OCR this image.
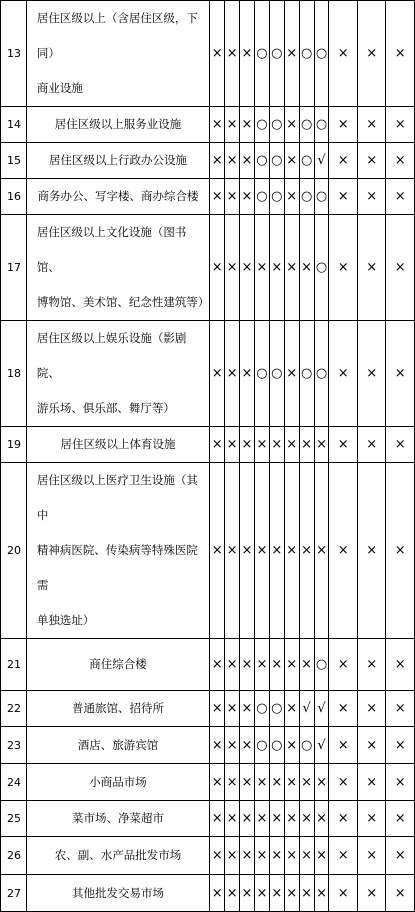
13	居住区级以上（含居住区级，下同）
商业设施	×	×	×	○	○	×	○	○	×	×	×
14	居住区级以上服务业设施	×	×	×	○	○	×	○	○	×	×	×
15	居住区级以上行政办公设施	×	×	×	○	○	×	○	√	×	×	×
16	商务办公、写字楼、商办综合楼	×	×	×	○	○	×	○	○	×	×	×
17	居住区级以上文化设施（图书馆、
博物馆、美术馆、纪念性建筑等）	×	×	×	×	×	×	×	○	×	×	×
18	居住区级以上娱乐设施（影剧院、
游乐场、俱乐部、舞厅等）	×	×	×	○	○	×	○	○	×	×	×
19	居住区级以上体育设施	×	×	×	×	×	×	×	×	×	×	×
20	居住区级以上医疗卫生设施（其中
精神病医院、传染病等特殊医院需
单独选址）	×	×	×	×	×	×	×	×	×	×	×
21	商住综合楼	×	×	×	×	×	×	×	○	×	×	×
22	普通旅馆、招待所	×	×	×	○	○	×	√	√	×	×	×
23	酒店、旅游宾馆	×	×	×	○	○	×	○	√	×	×	×
24	小商品市场	×	×	×	×	×	×	×	×	×	×	×
25	菜市场、净菜超市	×	×	×	×	×	×	×	×	×	×	×
26	农、副、水产品批发市场	×	×	×	×	×	×	×	×	×	×	×
27	其他批发交易市场	×	×	×	×	×	×	×	×	×	×	×
